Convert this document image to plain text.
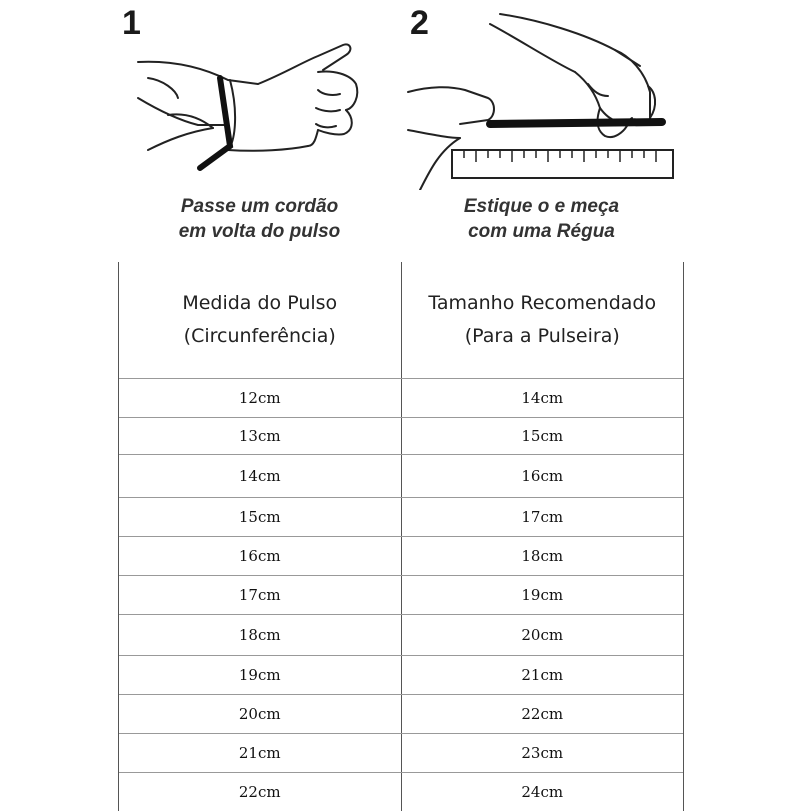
1
Passe um cordão
em volta do pulso
2
Estique o e meça
com uma Régua
Medida do Pulso
(Circunferência)
Tamanho Recomendado
(Para a Pulseira)
12cm	14cm
13cm	15cm
14cm	16cm
15cm	17cm
16cm	18cm
17cm	19cm
18cm	20cm
19cm	21cm
20cm	22cm
21cm	23cm
22cm	24cm
